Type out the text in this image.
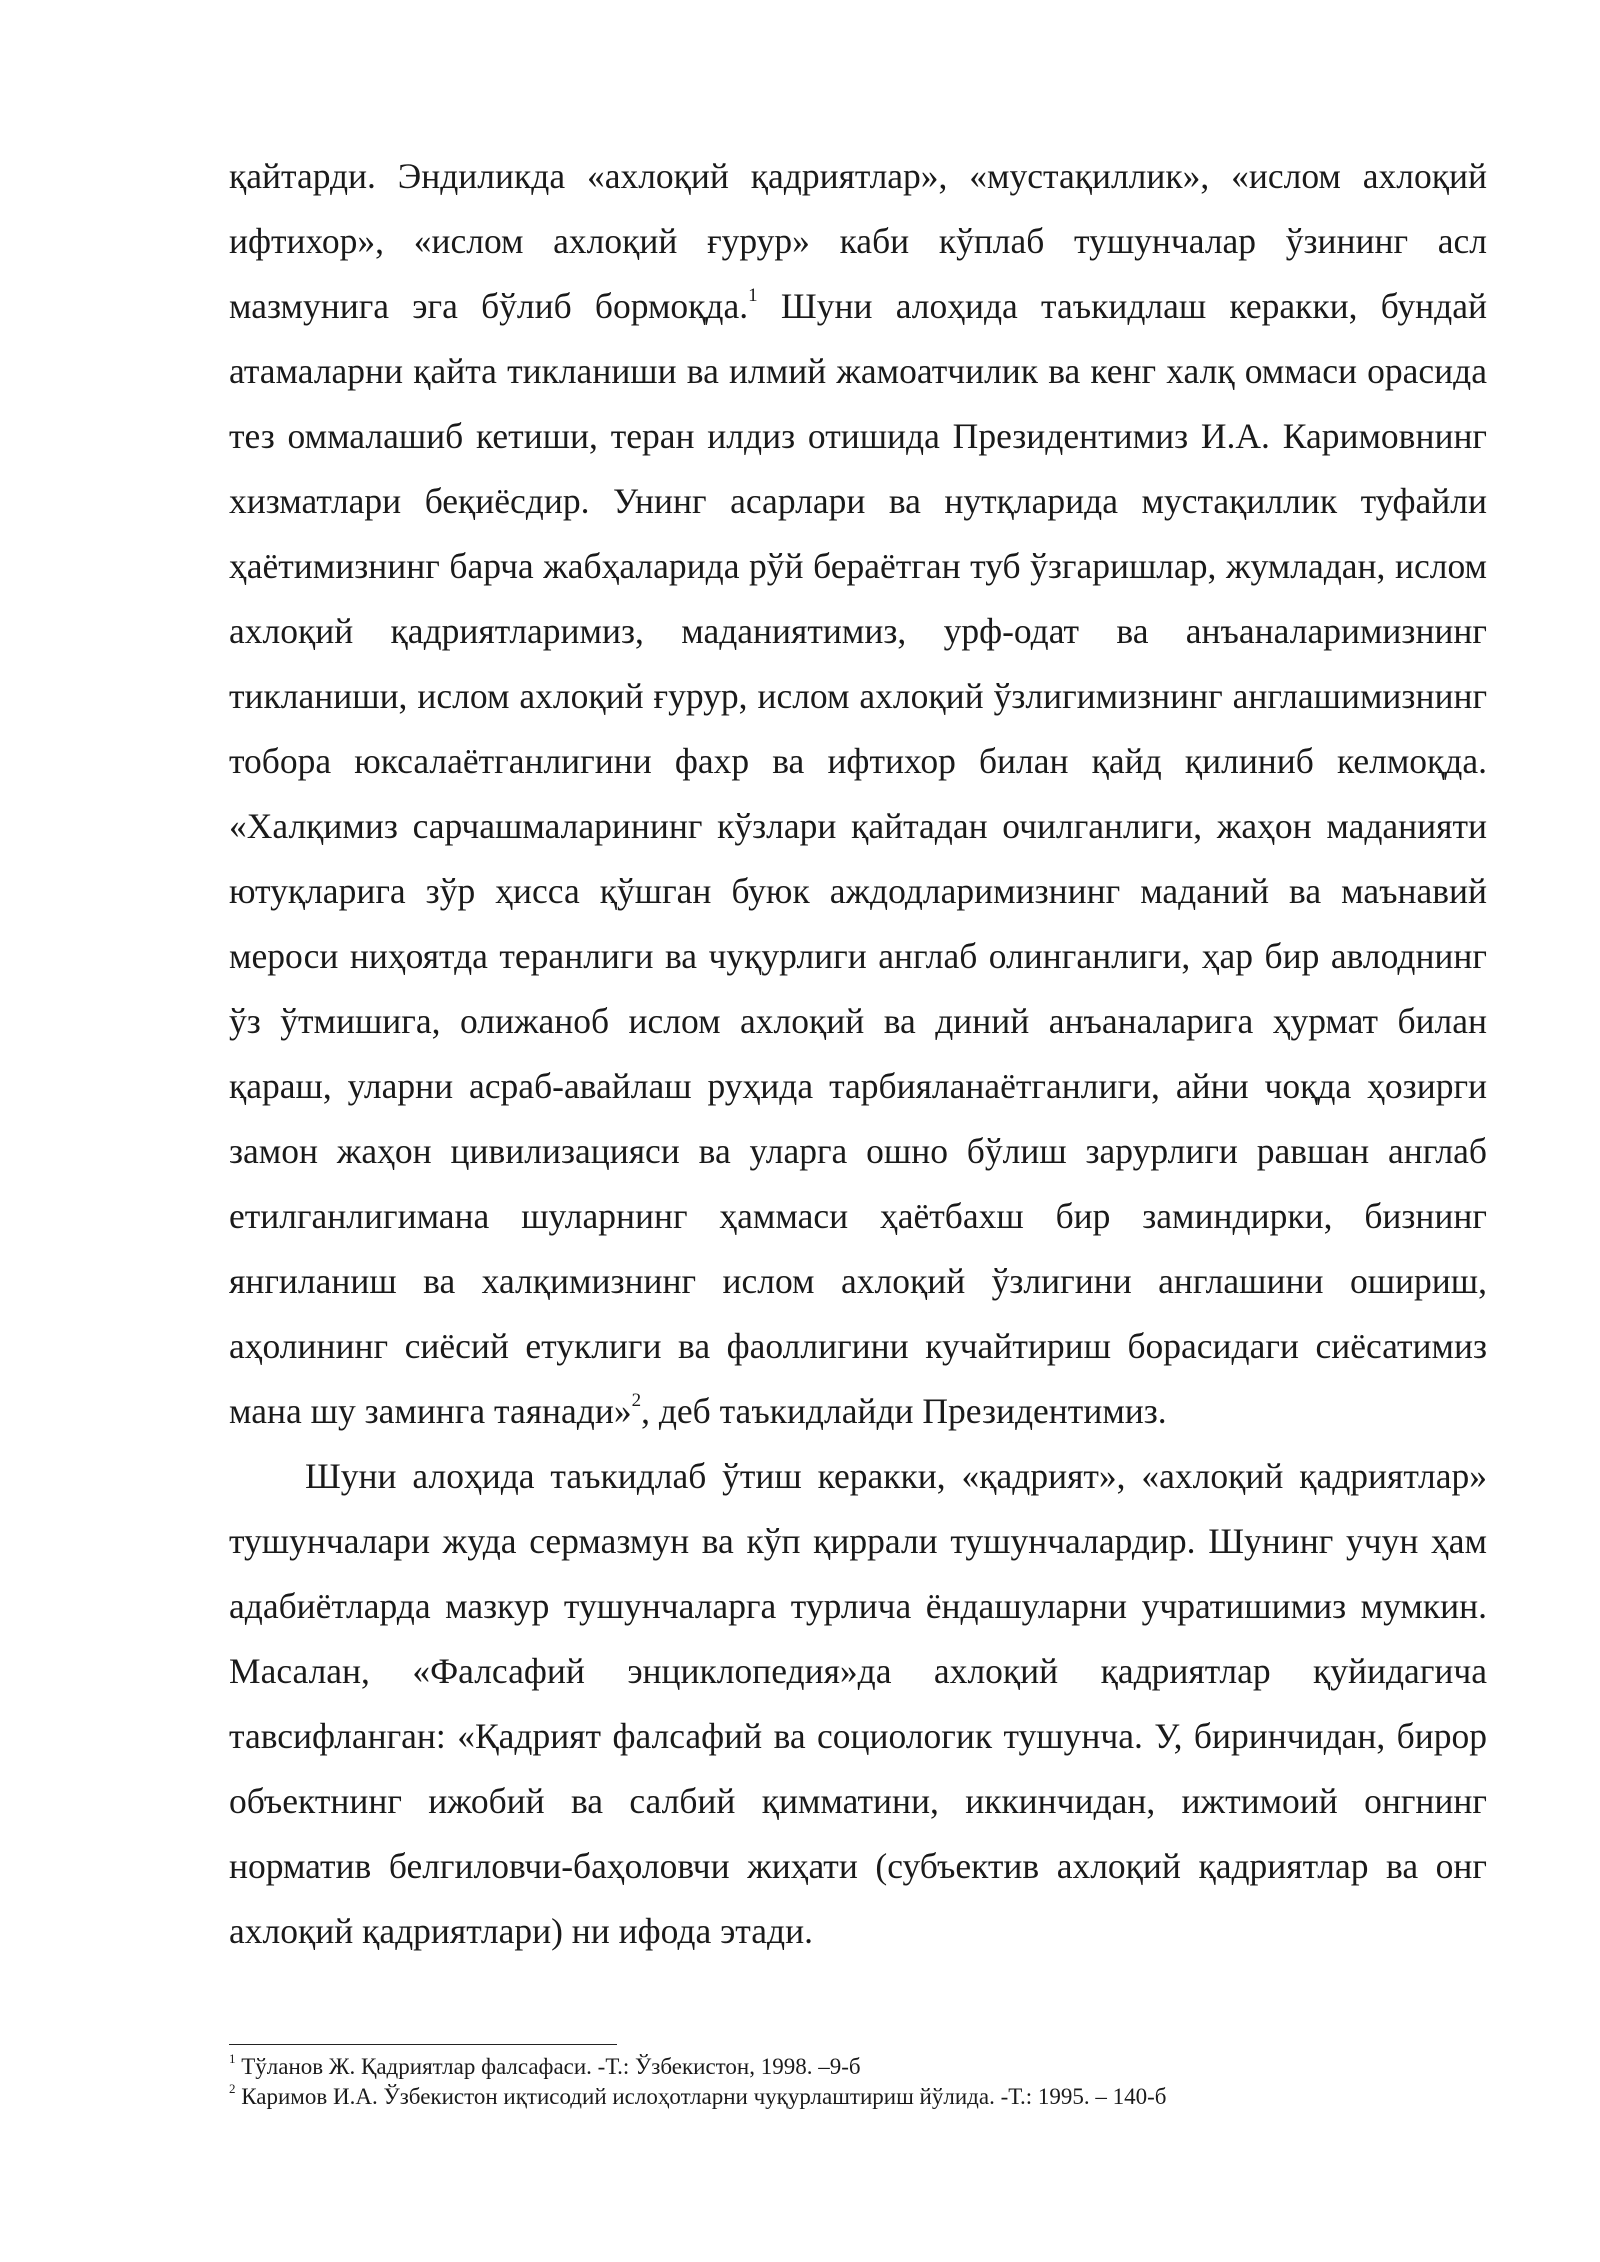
қайтарди. Эндиликда «ахлоқий қадриятлар», «мустақиллик», «ислом ахлоқий ифтихор», «ислом ахлоқий ғурур» каби кўплаб тушунчалар ўзининг асл мазмунига эга бўлиб бормоқда.$^1$ Шуни алоҳида таъкидлаш керакки, бундай атамаларни қайта тикланиши ва илмий жамоатчилик ва кенг халқ оммаси орасида тез оммалашиб кетиши, теран илдиз отишида Президентимиз И.А. Каримовнинг хизматлари беқиёсдир. Унинг асарлари ва нутқларида мустақиллик туфайли ҳаётимизнинг барча жабҳаларида рўй бераётган туб ўзгаришлар, жумладан, ислом ахлоқий қадриятларимиз, маданиятимиз, урф-одат ва анъаналаримизнинг тикланиши, ислом ахлоқий ғурур, ислом ахлоқий ўзлигимизнинг англашимизнинг тобора юксалаётганлигини фахр ва ифтихор билан қайд қилиниб келмоқда. «Халқимиз сарчашмаларининг кўзлари қайтадан очилганлиги, жаҳон маданияти ютуқларига зўр ҳисса қўшган буюк аждодларимизнинг маданий ва маънавий мероси ниҳоятда теранлиги ва чуқурлиги англаб олинганлиги, ҳар бир авлоднинг ўз ўтмишига, олижаноб ислом ахлоқий ва диний анъаналарига ҳурмат билан қараш, уларни асраб-авайлаш руҳида тарбияланаётганлиги, айни чоқда ҳозирги замон жаҳон цивилизацияси ва уларга ошно бўлиш зарурлиги равшан англаб етилганлигимана шуларнинг ҳаммаси ҳаётбахш бир заминдирки, бизнинг янгиланиш ва халқимизнинг ислом ахлоқий ўзлигини англашини ошириш, аҳолининг сиёсий етуклиги ва фаоллигини кучайтириш борасидаги сиёсатимиз мана шу заминга таянади»$^2$, деб таъкидлайди Президентимиз.

Шуни алоҳида таъкидлаб ўтиш керакки, «қадрият», «ахлоқий қадриятлар» тушунчалари жуда сермазмун ва кўп қиррали тушунчалардир. Шунинг учун ҳам адабиётларда мазкур тушунчаларга турлича ёндашуларни учратишимиз мумкин. Масалан, «Фалсафий энциклопедия»да ахлоқий қадриятлар қуйидагича тавсифланган: «Қадрият фалсафий ва социологик тушунча. У, биринчидан, бирор объектнинг ижобий ва салбий қимматини, иккинчидан, ижтимоий онгнинг норматив белгиловчи-баҳоловчи жиҳати (субъектив ахлоқий қадриятлар ва онг ахлоқий қадриятлари) ни ифода этади.

$^1$ Тўланов Ж. Қадриятлар фалсафаси. -Т.: Ўзбекистон, 1998. –9-б

$^2$ Каримов И.А. Ўзбекистон иқтисодий ислоҳотларни чуқурлаштириш йўлида. -Т.: 1995. – 140-б
